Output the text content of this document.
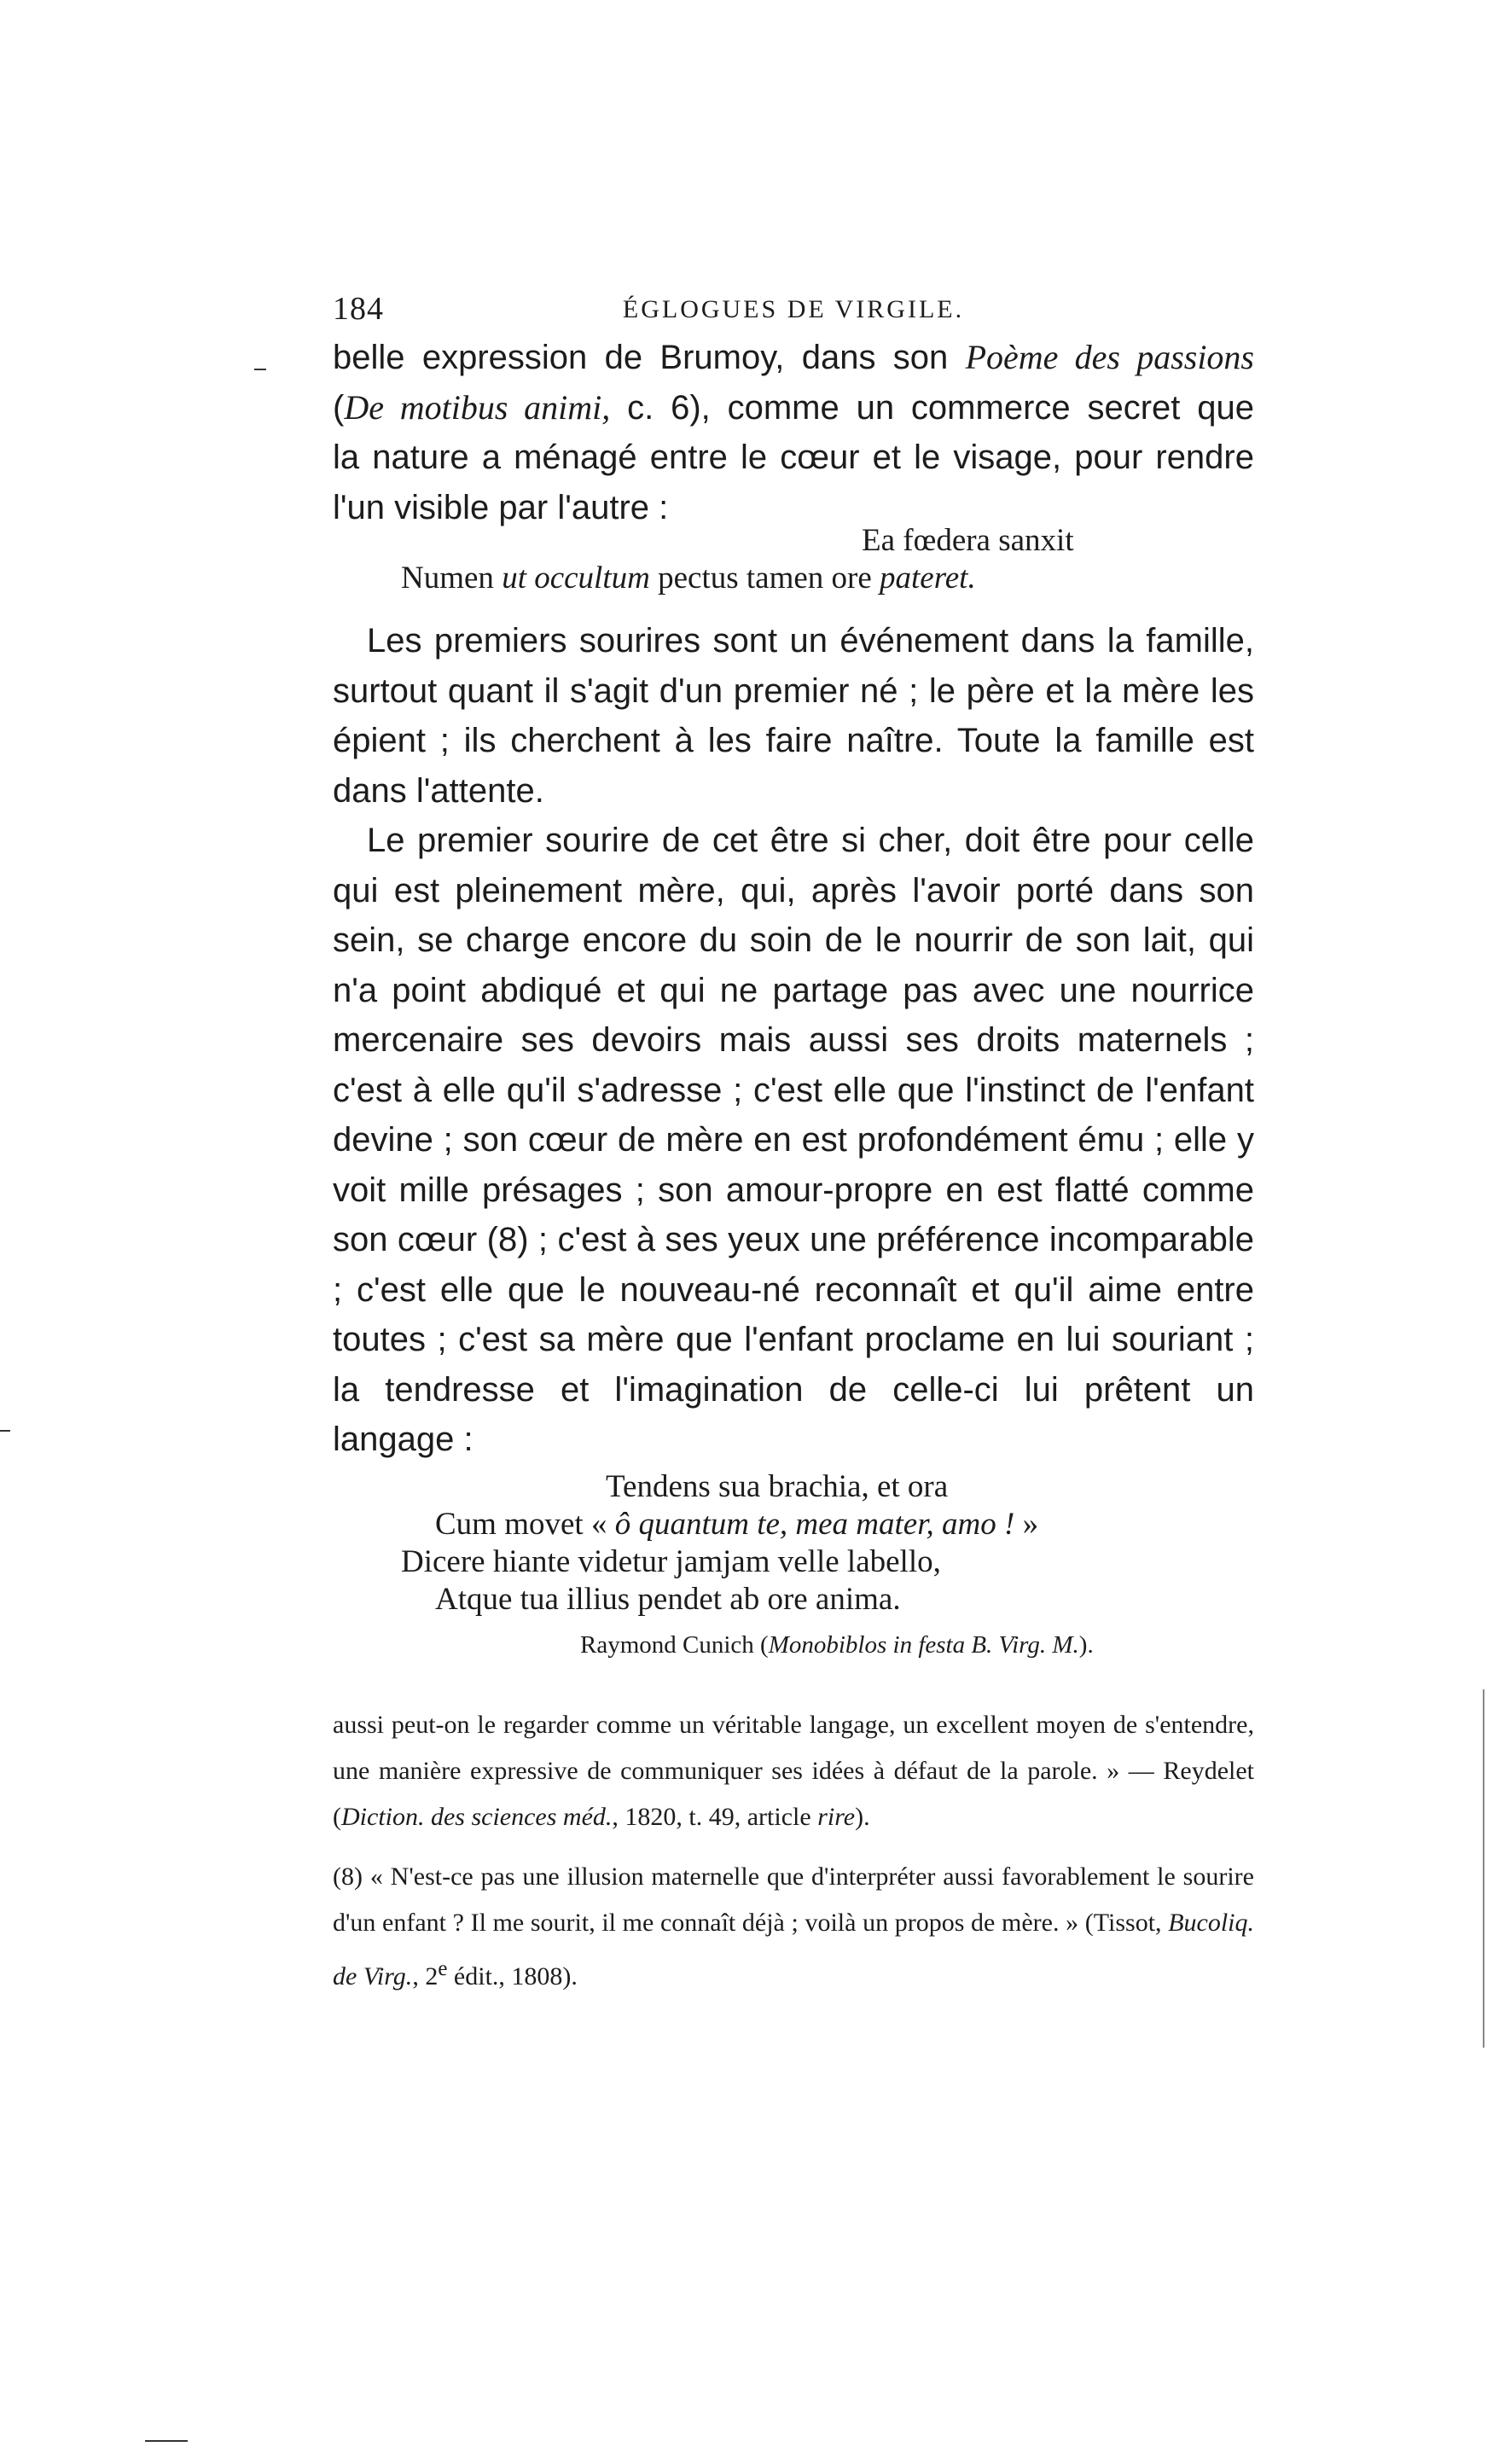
184	ÉGLOGUES DE VIRGILE.

belle expression de Brumoy, dans son Poème des passions
(De motibus animi, c. 6), comme un commerce secret que
la nature a ménagé entre le cœur et le visage, pour rendre
l'un visible par l'autre :

Ea fœdera sanxit
Numen ut occultum pectus tamen ore pateret.

Les premiers sourires sont un événement dans la famille, surtout quant il s'agit d'un premier né ; le père et la mère les épient ; ils cherchent à les faire naître. Toute la famille est dans l'attente.

Le premier sourire de cet être si cher, doit être pour celle qui est pleinement mère, qui, après l'avoir porté dans son sein, se charge encore du soin de le nourrir de son lait, qui n'a point abdiqué et qui ne partage pas avec une nourrice mercenaire ses devoirs mais aussi ses droits maternels ; c'est à elle qu'il s'adresse ; c'est elle que l'instinct de l'enfant devine ; son cœur de mère en est profondément ému ; elle y voit mille présages ; son amour-propre en est flatté comme son cœur (8) ; c'est à ses yeux une préférence incomparable ; c'est elle que le nouveau-né reconnaît et qu'il aime entre toutes ; c'est sa mère que l'enfant proclame en lui souriant ; la tendresse et l'imagination de celle-ci lui prêtent un langage :

Tendens sua brachia, et ora
Cum movet « ô quantum te, mea mater, amo ! »
Dicere hiante videtur jamjam velle labello,
Atque tua illius pendet ab ore anima.
Raymond Cunich (Monobiblos in festa B. Virg. M.).

aussi peut-on le regarder comme un véritable langage, un excellent moyen de s'entendre, une manière expressive de communiquer ses idées à défaut de la parole. » — Reydelet (Diction. des sciences méd., 1820, t. 49, article rire).

(8) « N'est-ce pas une illusion maternelle que d'interpréter aussi favorablement le sourire d'un enfant ? Il me sourit, il me connaît déjà ; voilà un propos de mère. » (Tissot, Bucoliq. de Virg., 2e édit., 1808).
